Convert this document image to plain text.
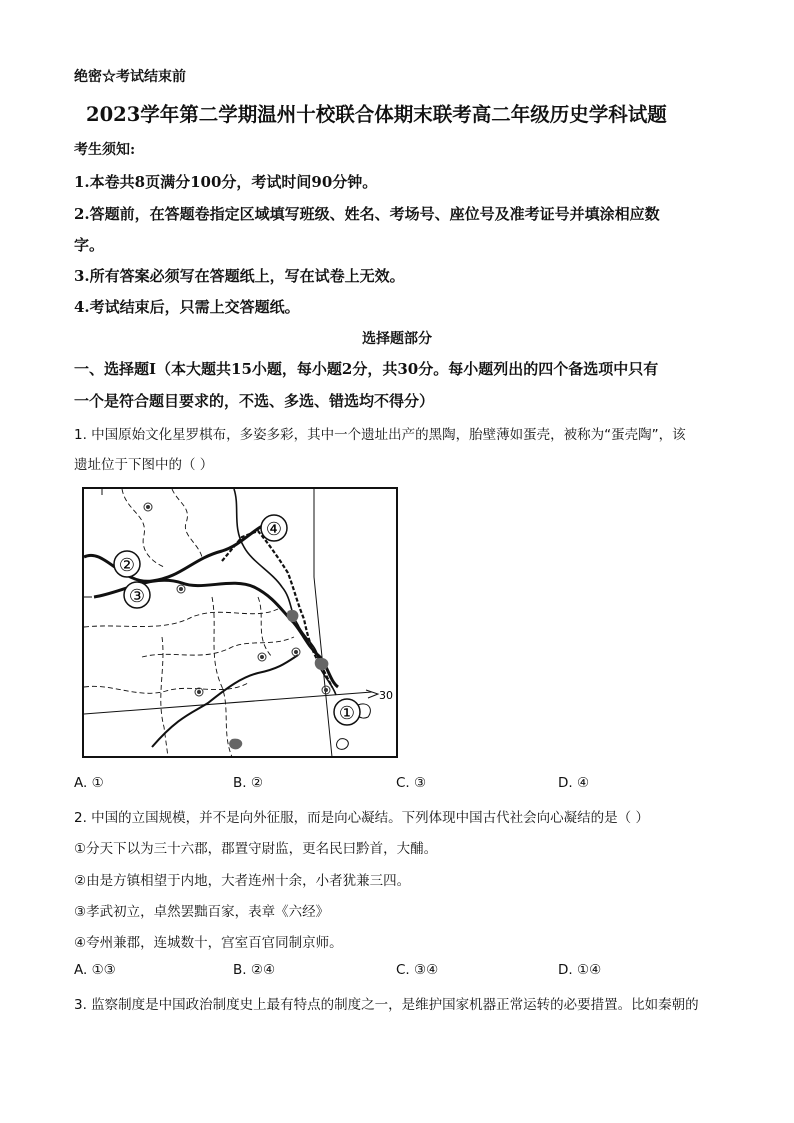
绝密☆考试结束前
2023学年第二学期温州十校联合体期末联考高二年级历史学科试题
考生须知:
1.本卷共8页满分100分，考试时间90分钟。
2.答题前，在答题卷指定区域填写班级、姓名、考场号、座位号及准考证号并填涂相应数
字。
3.所有答案必须写在答题纸上，写在试卷上无效。
4.考试结束后，只需上交答题纸。
选择题部分
一、选择题Ⅰ（本大题共15小题，每小题2分，共30分。每小题列出的四个备选项中只有
一个是符合题目要求的，不选、多选、错选均不得分）
1. 中国原始文化星罗棋布，多姿多彩，其中一个遗址出产的黑陶，胎壁薄如蛋壳，被称为“蛋壳陶”，该
遗址位于下图中的（ ）
④
②
③
①
30
A. ①	B. ②	C. ③	D. ④
2. 中国的立国规模，并不是向外征服，而是向心凝结。下列体现中国古代社会向心凝结的是（ ）
①分天下以为三十六郡，郡置守尉监，更名民曰黔首，大酺。
②由是方镇相望于内地，大者连州十余，小者犹兼三四。
③孝武初立，卓然罢黜百家，表章《六经》
④夸州兼郡，连城数十，宫室百官同制京师。
A. ①③	B. ②④	C. ③④	D. ①④
3. 监察制度是中国政治制度史上最有特点的制度之一，是维护国家机器正常运转的必要措置。比如秦朝的
